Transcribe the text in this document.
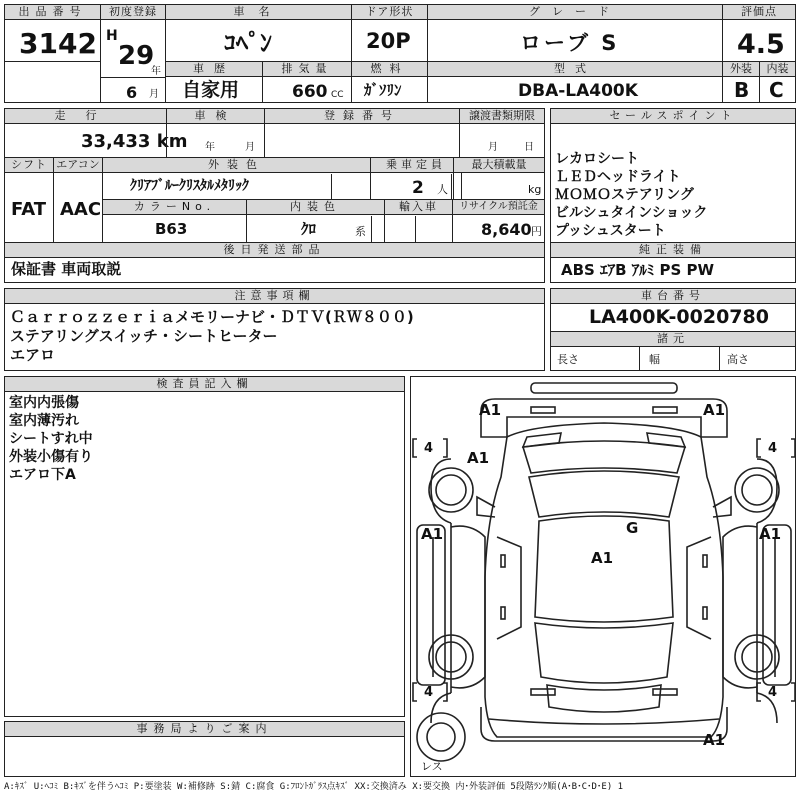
出品番号
3142
初度登録
H
29
年
6 月
車名
ｺﾍﾟﾝ
車歴
自家用
排気量
660 CC
ドア形状
20P
燃料
ｶﾞｿﾘﾝ
グレード
ローブ S
型式
DBA-LA400K
評価点
4.5
外装
B
内装
C
走行
33,433 km
車検
年	月
登録番号	譲渡書類期限
月	日
シフト
FAT
エアコン
AAC
外装色
ｸﾘｱﾌﾞﾙｰｸﾘｽﾀﾙﾒﾀﾘｯｸ
乗車定員
2 人
最大積載量
kg
カラーNo.
B63
内装色
ｸﾛ	系
輸入車	リサイクル預託金
8,640 円
後日発送部品
保証書 車両取説
セールスポイント
レカロシート
ＬＥＤヘッドライト
ＭＯＭＯステアリング
ビルシュタインショック
プッシュスタート
純正装備
ABS ｴｱB ｱﾙﾐ PS PW
注意事項欄
Ｃａｒｒｏｚｚｅｒｉａメモリーナビ・ＤＴＶ(ＲＷ８００)
ステアリングスイッチ・シートヒーター
エアロ
車台番号
LA400K-0020780
諸元
長さ	幅	高さ
検査員記入欄
室内内張傷
室内薄汚れ
シートすれ中
外装小傷有り
エアロ下A
事務局よりご案内
A1	A1
A1
A1	A1
A1
A1
G
4	4
4	4
レス
A:ｷｽﾞ U:ﾍｺﾐ B:ｷｽﾞを伴うﾍｺﾐ P:要塗装 W:補修跡 S:錆 C:腐食 G:ﾌﾛﾝﾄｶﾞﾗｽ点ｷｽﾞ XX:交換済み X:要交換 内･外装評価 5段階ﾗﾝｸ順(A･B･C･D･E) 1
